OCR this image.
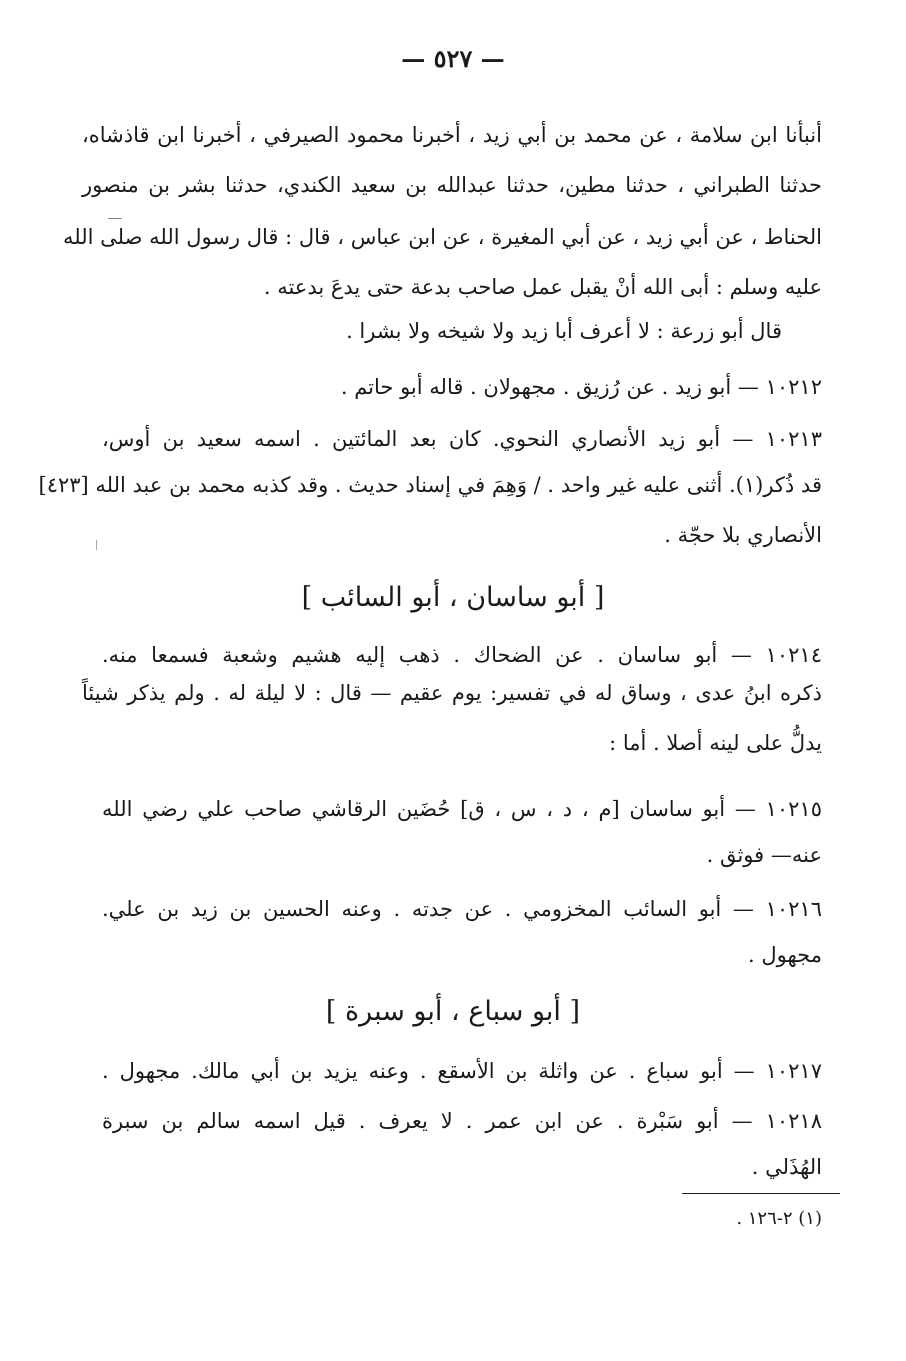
— ٥٢٧ —
أنبأنا ابن سلامة ، عن محمد بن أبي زيد ، أخبرنا محمود الصيرفي ، أخبرنا ابن قاذشاه،
حدثنا الطبراني ، حدثنا مطين، حدثنا عبدالله بن سعيد الكندي، حدثنا بشر بن منصور
الحناط ، عن أبي زيد ، عن أبي المغيرة ، عن ابن عباس ، قال : قال رسول الله صلى الله
عليه وسلم : أبى الله أنْ يقبل عمل صاحب بدعة حتى يدعَ بدعته .
قال أبو زرعة : لا أعرف أبا زيد ولا شيخه ولا بشرا .
١٠٢١٢ — أبو زيد . عن رُزيق . مجهولان . قاله أبو حاتم .
١٠٢١٣ — أبو زيد الأنصاري النحوي. كان بعد المائتين . اسمه سعيد بن أوس،
قد ذُكر(١). أثنى عليه غير واحد . / وَهِمَ في إسناد حديث . وقد كذبه محمد بن عبد الله [٤٢٣]
الأنصاري بلا حجّة .
[ أبو ساسان ، أبو السائب ]
١٠٢١٤ — أبو ساسان . عن الضحاك . ذهب إليه هشيم وشعبة فسمعا منه.
ذكره ابنُ عدى ، وساق له في تفسير: يوم عقيم — قال : لا ليلة له . ولم يذكر شيئاً
يدلُّ على لينه أصلا . أما :
١٠٢١٥ — أبو ساسان [م ، د ، س ، ق] حُضَين الرقاشي صاحب علي رضي الله
عنه— فوثق .
١٠٢١٦ — أبو السائب المخزومي . عن جدته . وعنه الحسين بن زيد بن علي.
مجهول .
[ أبو سباع ، أبو سبرة ]
١٠٢١٧ — أبو سباع . عن واثلة بن الأسقع . وعنه يزيد بن أبي مالك. مجهول .
١٠٢١٨ — أبو سَبْرة . عن ابن عمر . لا يعرف . قيل اسمه سالم بن سبرة
الهُذَلي .
(١) ٢-١٢٦ .
